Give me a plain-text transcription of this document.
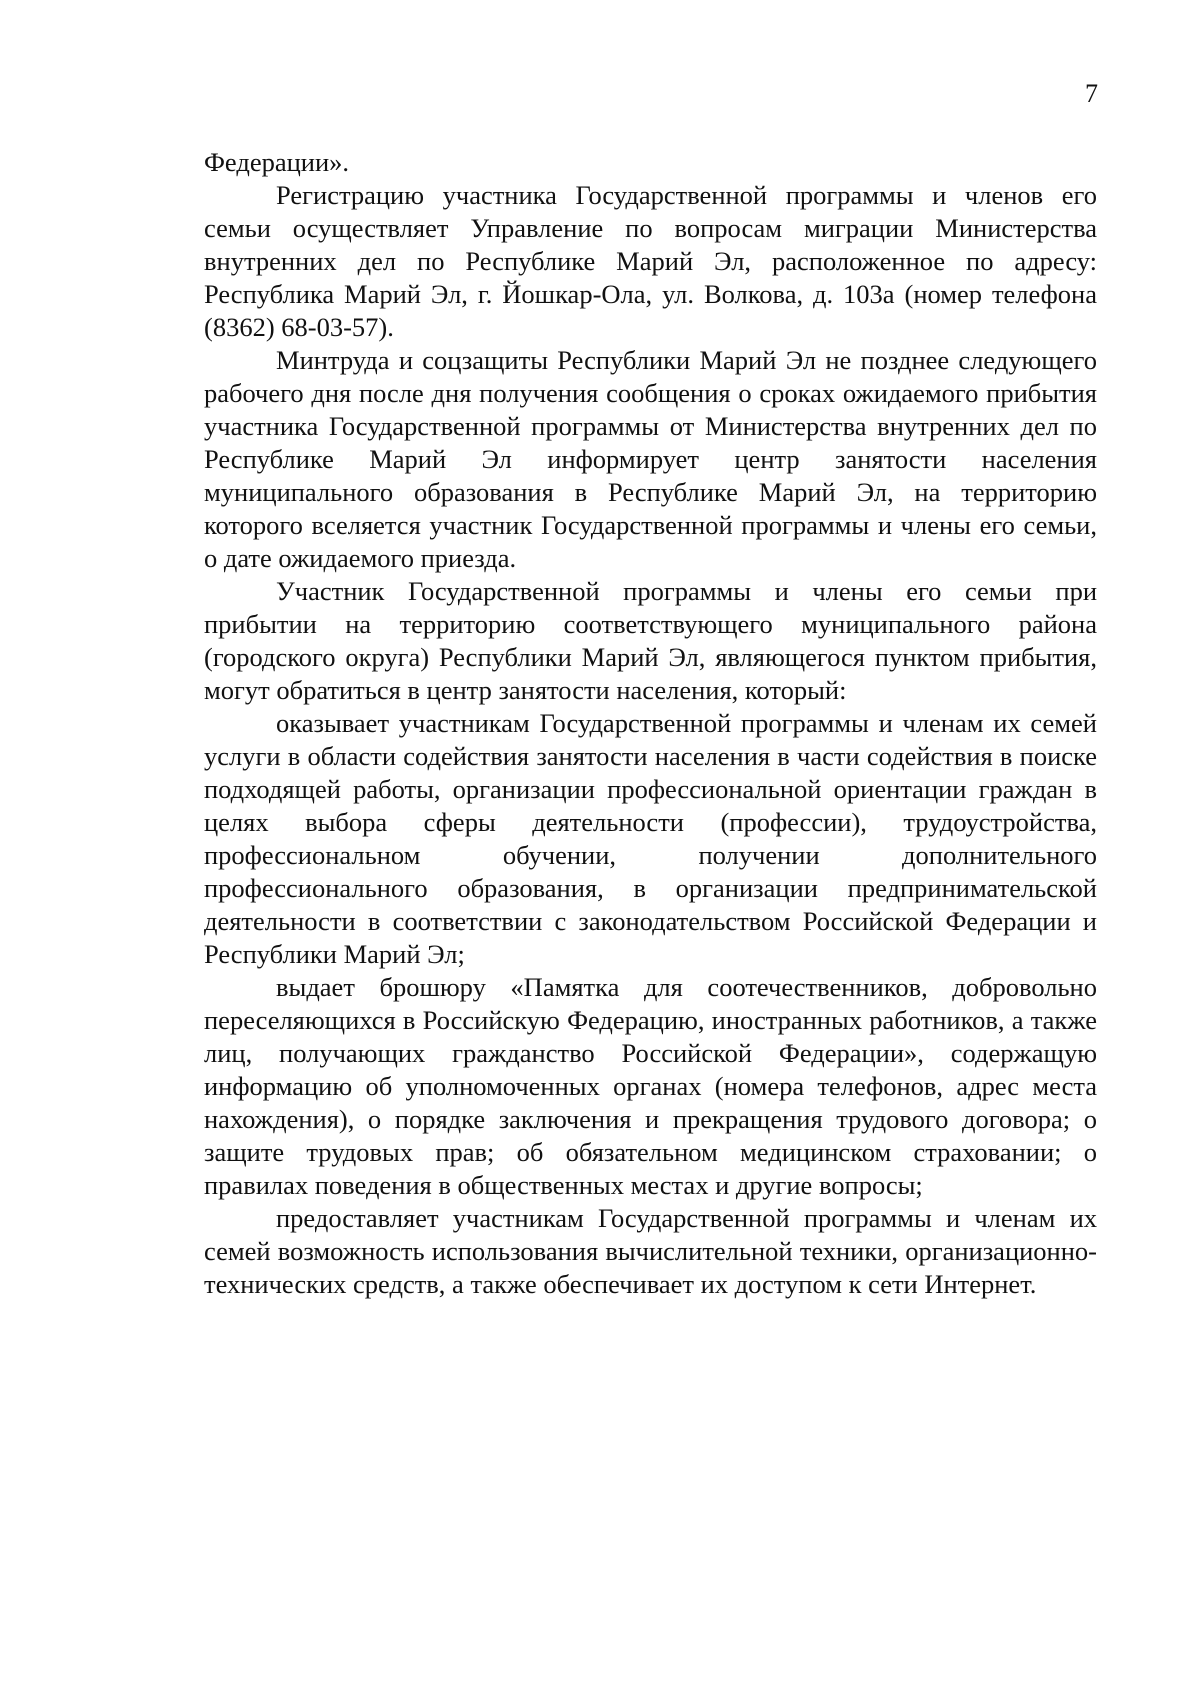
7

Федерации».

Регистрацию участника Государственной программы и членов его семьи осуществляет Управление по вопросам миграции Министерства внутренних дел по Республике Марий Эл, расположенное по адресу: Республика Марий Эл, г. Йошкар-Ола, ул. Волкова, д. 103а (номер телефона (8362) 68-03-57).

Минтруда и соцзащиты Республики Марий Эл не позднее следующего рабочего дня после дня получения сообщения о сроках ожидаемого прибытия участника Государственной программы от Министерства внутренних дел по Республике Марий Эл информирует центр занятости населения муниципального образования в Республике Марий Эл, на территорию которого вселяется участник Государственной программы и члены его семьи, о дате ожидаемого приезда.

Участник Государственной программы и члены его семьи при прибытии на территорию соответствующего муниципального района (городского округа) Республики Марий Эл, являющегося пунктом прибытия, могут обратиться в центр занятости населения, который:

оказывает участникам Государственной программы и членам их семей услуги в области содействия занятости населения в части содействия в поиске подходящей работы, организации профессиональной ориентации граждан в целях выбора сферы деятельности (профессии), трудоустройства, профессиональном обучении, получении дополнительного профессионального образования, в организации предпринимательской деятельности в соответствии с законодательством Российской Федерации и Республики Марий Эл;

выдает брошюру «Памятка для соотечественников, добровольно переселяющихся в Российскую Федерацию, иностранных работников, а также лиц, получающих гражданство Российской Федерации», содержащую информацию об уполномоченных органах (номера телефонов, адрес места нахождения), о порядке заключения и прекращения трудового договора; о защите трудовых прав; об обязательном медицинском страховании; о правилах поведения в общественных местах и другие вопросы;

предоставляет участникам Государственной программы и членам их семей возможность использования вычислительной техники, организационно-технических средств, а также обеспечивает их доступом к сети Интернет.
